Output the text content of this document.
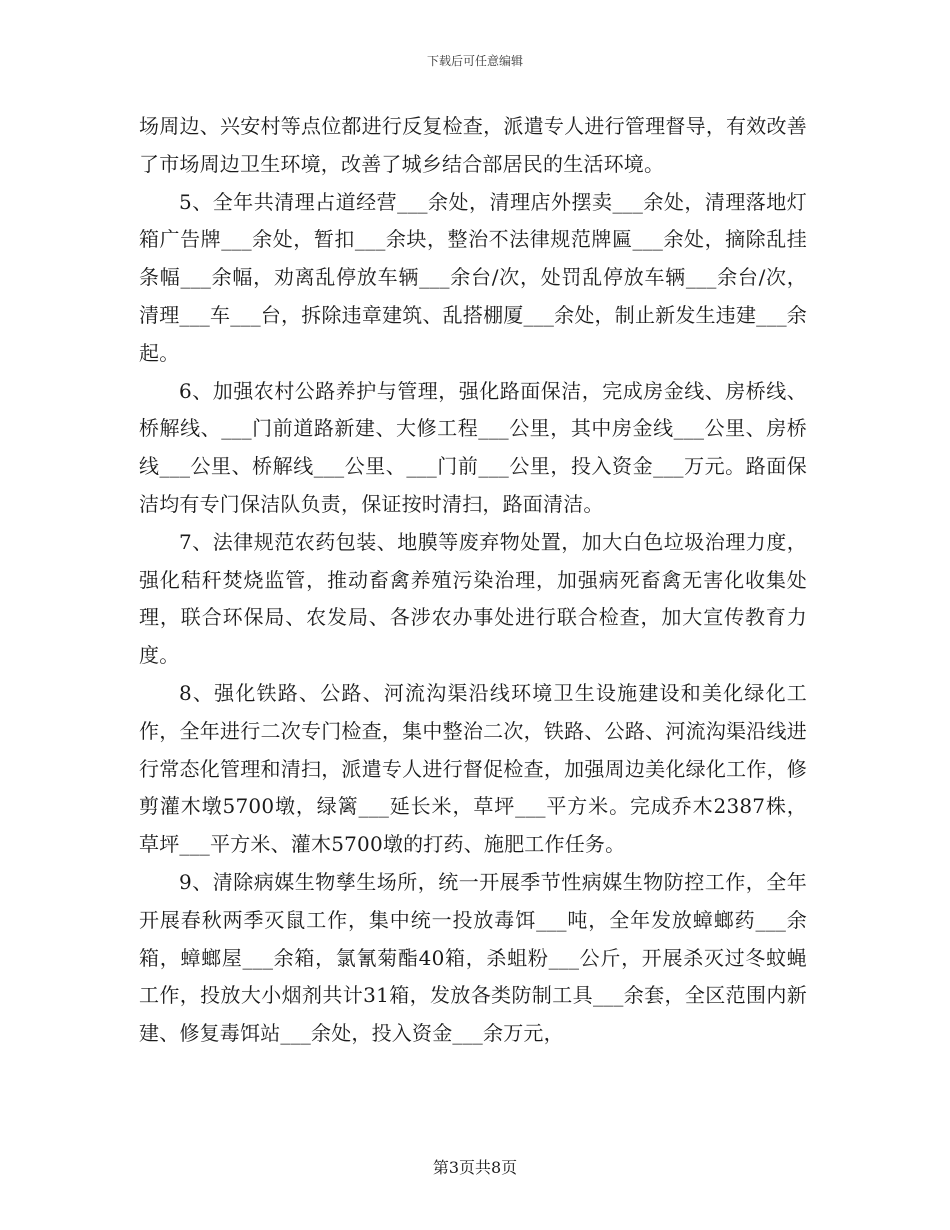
下载后可任意编辑

场周边、兴安村等点位都进行反复检查，派遣专人进行管理督导，有效改善了市场周边卫生环境，改善了城乡结合部居民的生活环境。

5、全年共清理占道经营___余处，清理店外摆卖___余处，清理落地灯箱广告牌___余处，暂扣___余块，整治不法律规范牌匾___余处，摘除乱挂条幅___余幅，劝离乱停放车辆___余台/次，处罚乱停放车辆___余台/次，清理___车___台，拆除违章建筑、乱搭棚厦___余处，制止新发生违建___余起。

6、加强农村公路养护与管理，强化路面保洁，完成房金线、房桥线、桥解线、___门前道路新建、大修工程___公里，其中房金线___公里、房桥线___公里、桥解线___公里、___门前___公里，投入资金___万元。路面保洁均有专门保洁队负责，保证按时清扫，路面清洁。

7、法律规范农药包装、地膜等废弃物处置，加大白色垃圾治理力度，强化秸秆焚烧监管，推动畜禽养殖污染治理，加强病死畜禽无害化收集处理，联合环保局、农发局、各涉农办事处进行联合检查，加大宣传教育力度。

8、强化铁路、公路、河流沟渠沿线环境卫生设施建设和美化绿化工作，全年进行二次专门检查，集中整治二次，铁路、公路、河流沟渠沿线进行常态化管理和清扫，派遣专人进行督促检查，加强周边美化绿化工作，修剪灌木墩5700墩，绿篱___延长米，草坪___平方米。完成乔木2387株，草坪___平方米、灌木5700墩的打药、施肥工作任务。

9、清除病媒生物孳生场所，统一开展季节性病媒生物防控工作，全年开展春秋两季灭鼠工作，集中统一投放毒饵___吨，全年发放蟑螂药___余箱，蟑螂屋___余箱，氯氰菊酯40箱，杀蛆粉___公斤，开展杀灭过冬蚊蝇工作，投放大小烟剂共计31箱，发放各类防制工具___余套，全区范围内新建、修复毒饵站___余处，投入资金___余万元，

第3页共8页
